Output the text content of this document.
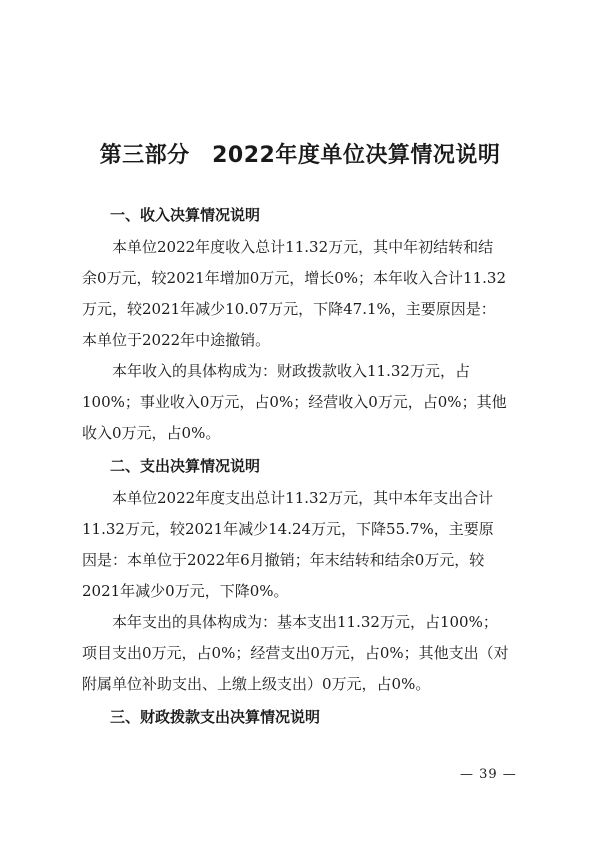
第三部分　2022年度单位决算情况说明
一、收入决算情况说明

本单位2022年度收入总计11.32万元，其中年初结转和结
余0万元，较2021年增加0万元，增长0%；本年收入合计11.32
万元，较2021年减少10.07万元，下降47.1%，主要原因是：
本单位于2022年中途撤销。

本年收入的具体构成为：财政拨款收入11.32万元，占
100%；事业收入0万元，占0%；经营收入0万元，占0%；其他
收入0万元，占0%。

二、支出决算情况说明

本单位2022年度支出总计11.32万元，其中本年支出合计
11.32万元，较2021年减少14.24万元，下降55.7%，主要原
因是：本单位于2022年6月撤销；年末结转和结余0万元，较
2021年减少0万元，下降0%。

本年支出的具体构成为：基本支出11.32万元，占100%；
项目支出0万元，占0%；经营支出0万元，占0%；其他支出（对
附属单位补助支出、上缴上级支出）0万元，占0%。

三、财政拨款支出决算情况说明
— 39 —
